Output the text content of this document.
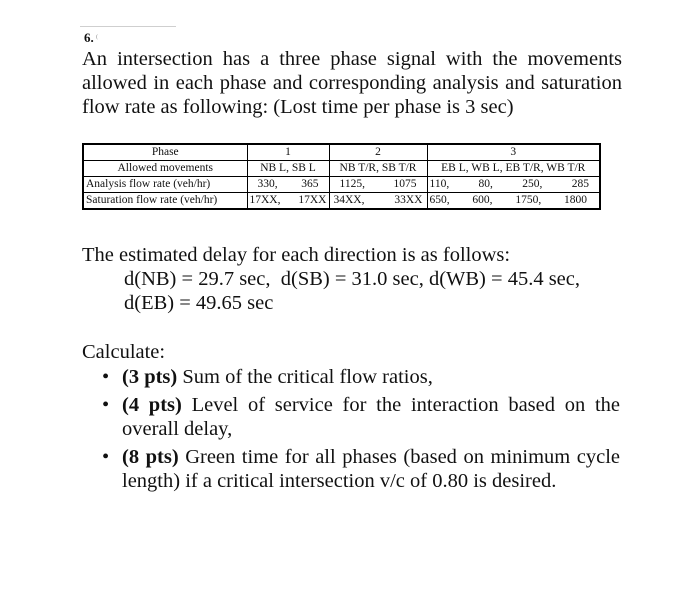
6. ⁽
An intersection has a three phase signal with the movements allowed in each phase and corresponding analysis and saturation flow rate as following: (Lost time per phase is 3 sec)
Phase	1	2	3
Allowed movements	NB L, SB L	NB T/R, SB T/R	EB L, WB L, EB T/R, WB T/R
Analysis flow rate (veh/hr)	330, 365	1125, 1075	110, 80, 250, 285

Saturation flow rate (veh/hr)	17XX, 17XX	34XX, 33XX	650, 600, 1750, 1800
The estimated delay for each direction is as follows:
d(NB) = 29.7 sec,  d(SB) = 31.0 sec, d(WB) = 45.4 sec,
d(EB) = 49.65 sec
Calculate:
• (3 pts) Sum of the critical flow ratios,
• (4 pts) Level of service for the interaction based on the overall delay,
• (8 pts) Green time for all phases (based on minimum cycle length) if a critical intersection v/c of 0.80 is desired.
